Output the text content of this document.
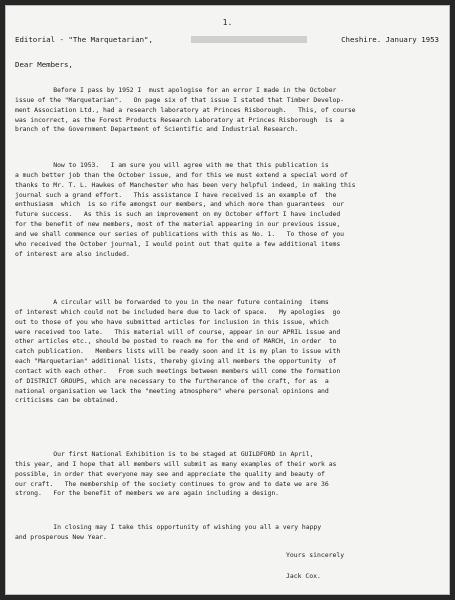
1.
Editorial - "The Marquetarian",	Cheshire. January 1953
Dear Members,
Before I pass by 1952 I  must apologise for an error I made in the October
issue of the "Marquetarian".   On page six of that issue I stated that Timber Develop-
ment Association Ltd., had a research laboratory at Princes Risborough.   This, of course
was incorrect, as the Forest Products Research Laboratory at Princes Risborough  is  a
branch of the Government Department of Scientific and Industrial Research.
Now to 1953.   I am sure you will agree with me that this publication is
a much better job than the October issue, and for this we must extend a special word of
thanks to Mr. T. L. Hawkes of Manchester who has been very helpful indeed, in making this
journal such a grand effort.   This assistance I have received is an example of  the
enthusiasm  which  is so rife amongst our members, and which more than guarantees  our
future success.   As this is such an improvement on my October effort I have included
for the benefit of new members, most of the material appearing in our previous issue,
and we shall commence our series of publications with this as No. 1.   To those of you
who received the October journal, I would point out that quite a few additional items
of interest are also included.
A circular will be forwarded to you in the near future containing  items
of interest which could not be included here due to lack of space.   My apologies  go
out to those of you who have submitted articles for inclusion in this issue, which
were received too late.   This material will of course, appear in our APRIL issue and
other articles etc., should be posted to reach me for the end of MARCH, in order  to
catch publication.   Members lists will be ready soon and it is my plan to issue with
each "Marquetarian" additional lists, thereby giving all members the opportunity  of
contact with each other.   From such meetings between members will come the formation
of DISTRICT GROUPS, which are necessary to the furtherance of the craft, for as  a
national organisation we lack the "meeting atmosphere" where personal opinions and
criticisms can be obtained.
Our first National Exhibition is to be staged at GUILDFORD in April,
this year, and I hope that all members will submit as many examples of their work as
possible, in order that everyone may see and appreciate the quality and beauty of
our craft.   The membership of the society continues to grow and to date we are 36
strong.   For the benefit of members we are again including a design.
In closing may I take this opportunity of wishing you all a very happy
and prosperous New Year.
Yours sincerely
Jack Cox.
